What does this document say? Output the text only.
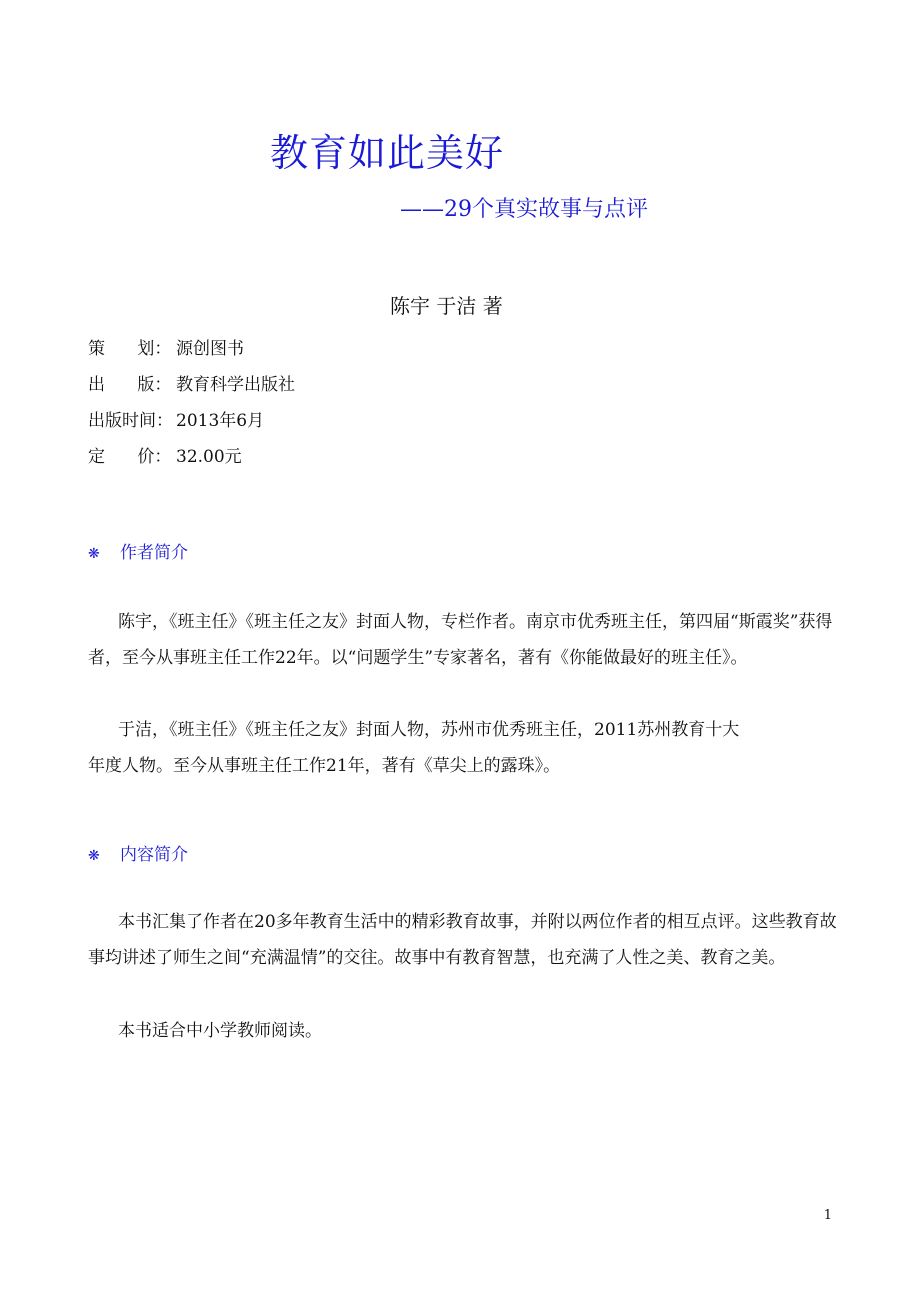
教育如此美好
——29个真实故事与点评
陈宇 于洁 著
策      划： 源创图书
出      版： 教育科学出版社
出版时间： 2013年6月
定      价： 32.00元
❋ 作者简介
陈宇，《班主任》《班主任之友》封面人物，专栏作者。南京市优秀班主任，第四届“斯霞奖”获得者，至今从事班主任工作22年。以“问题学生”专家著名，著有《你能做最好的班主任》。
于洁，《班主任》《班主任之友》封面人物，苏州市优秀班主任，2011苏州教育十大
年度人物。至今从事班主任工作21年，著有《草尖上的露珠》。
❋ 内容简介
本书汇集了作者在20多年教育生活中的精彩教育故事，并附以两位作者的相互点评。这些教育故事均讲述了师生之间“充满温情”的交往。故事中有教育智慧，也充满了人性之美、教育之美。
本书适合中小学教师阅读。
1
